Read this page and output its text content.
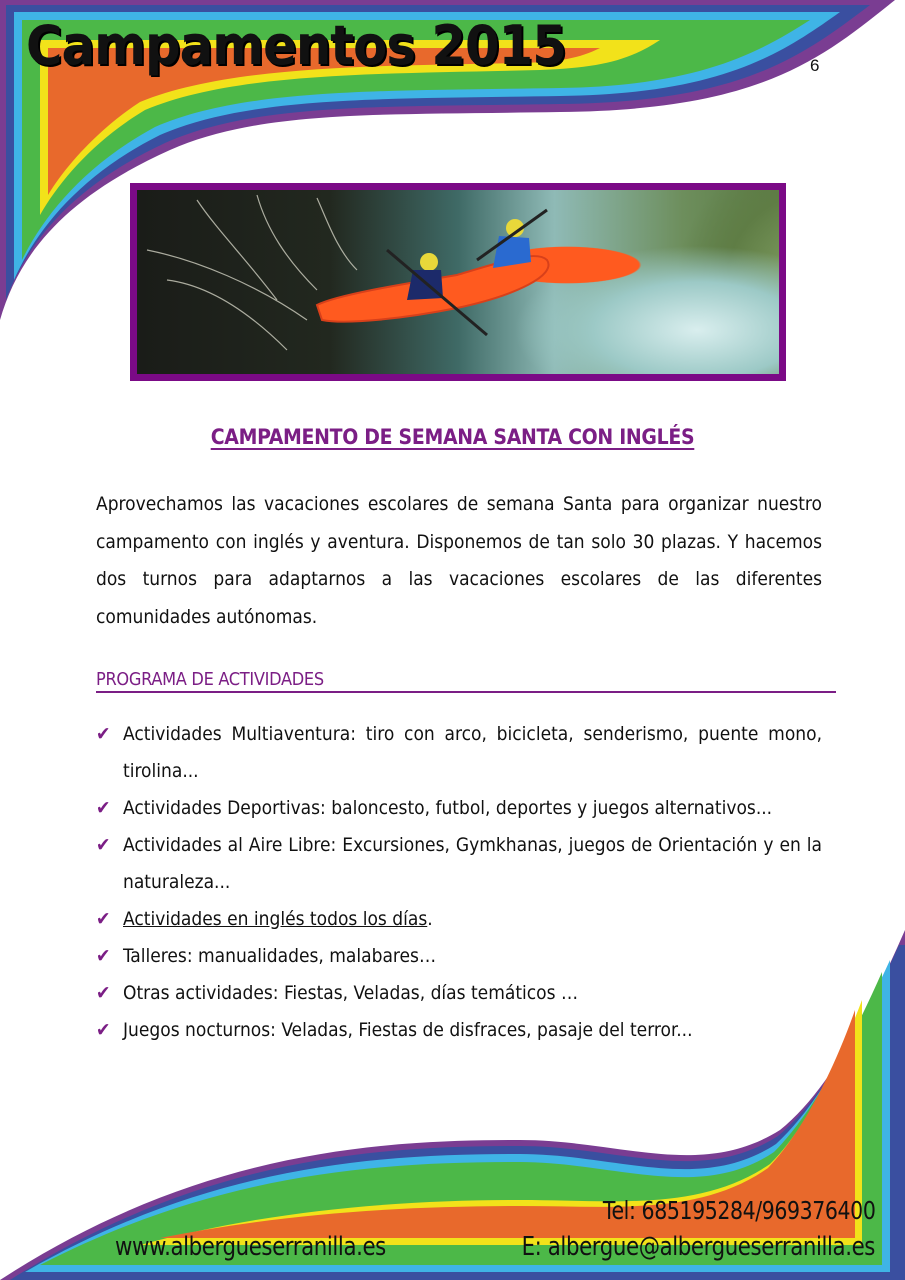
Campamentos 2015	6
CAMPAMENTO DE SEMANA SANTA CON INGLÉS

Aprovechamos las vacaciones escolares de semana Santa para organizar nuestro campamento con inglés y aventura. Disponemos de tan solo 30 plazas. Y hacemos dos turnos para adaptarnos a las vacaciones escolares de las diferentes comunidades autónomas.

PROGRAMA DE ACTIVIDADES
✔ Actividades Multiaventura: tiro con arco, bicicleta, senderismo, puente mono, tirolina...
✔ Actividades Deportivas: baloncesto, futbol, deportes y juegos alternativos...
✔ Actividades al Aire Libre: Excursiones, Gymkhanas, juegos de Orientación y en la naturaleza...
✔ Actividades en inglés todos los días.
✔ Talleres: manualidades, malabares…
✔ Otras actividades: Fiestas, Veladas, días temáticos …
✔ Juegos nocturnos: Veladas, Fiestas de disfraces, pasaje del terror...
Tel: 685195284/969376400
www.albergueserranilla.es	E: albergue@albergueserranilla.es
